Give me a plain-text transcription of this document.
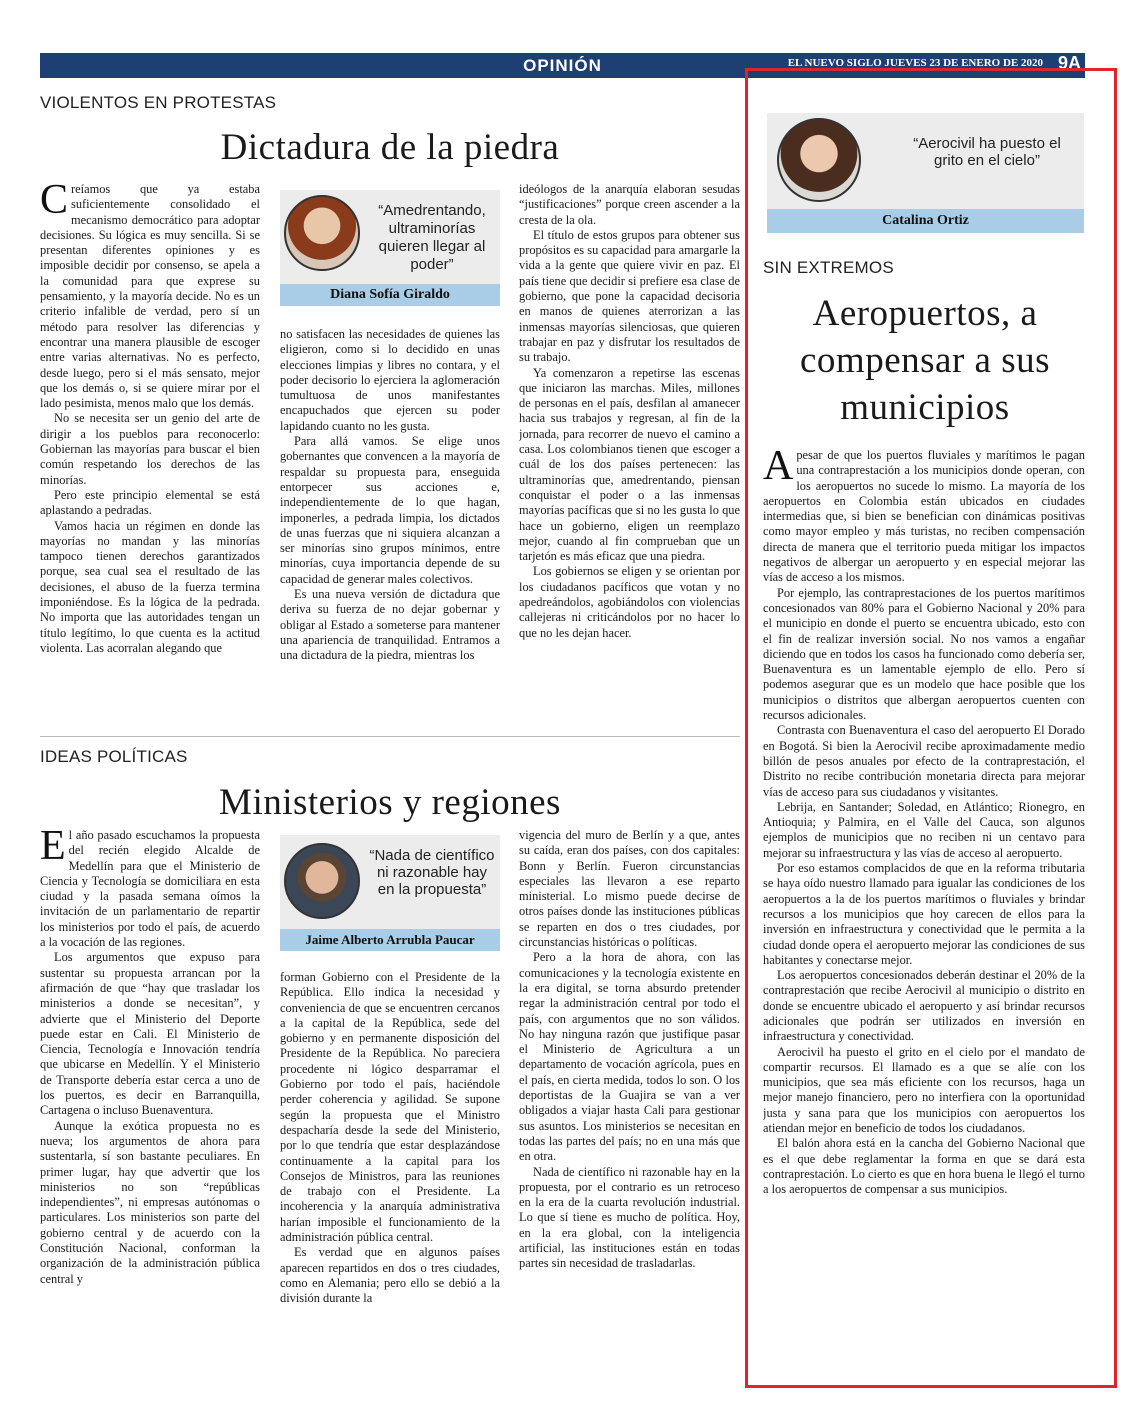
OPINIÓN	EL NUEVO SIGLO JUEVES 23 DE ENERO DE 2020 9A
VIOLENTOS EN PROTESTAS
Dictadura de la piedra

Creíamos que ya estaba suficientemente consolidado el mecanismo democrático para adoptar decisiones. Su lógica es muy sencilla. Si se presentan diferentes opiniones y es imposible decidir por consenso, se apela a la comunidad para que exprese su pensamiento, y la mayoría decide. No es un criterio infalible de verdad, pero sí un método para resolver las diferencias y encontrar una manera plausible de escoger entre varias alternativas. No es perfecto, desde luego, pero si el más sensato, mejor que los demás o, si se quiere mirar por el lado pesimista, menos malo que los demás.

No se necesita ser un genio del arte de dirigir a los pueblos para reconocerlo: Gobiernan las mayorías para buscar el bien común respetando los derechos de las minorías.

Pero este principio elemental se está aplastando a pedradas.

Vamos hacia un régimen en donde las mayorías no mandan y las minorías tampoco tienen derechos garantizados porque, sea cual sea el resultado de las decisiones, el abuso de la fuerza termina imponiéndose. Es la lógica de la pedrada. No importa que las autoridades tengan un título legítimo, lo que cuenta es la actitud violenta. Las acorralan alegando que

“Amedrentando, ultraminorías quieren llegar al poder”
Diana Sofía Giraldo

no satisfacen las necesidades de quienes las eligieron, como si lo decidido en unas elecciones limpias y libres no contara, y el poder decisorio lo ejerciera la aglomeración tumultuosa de unos manifestantes encapuchados que ejercen su poder lapidando cuanto no les gusta.

Para allá vamos. Se elige unos gobernantes que convencen a la mayoría de respaldar su propuesta para, enseguida entorpecer sus acciones e, independientemente de lo que hagan, imponerles, a pedrada limpia, los dictados de unas fuerzas que ni siquiera alcanzan a ser minorías sino grupos mínimos, entre minorías, cuya importancia depende de su capacidad de generar males colectivos.

Es una nueva versión de dictadura que deriva su fuerza de no dejar gobernar y obligar al Estado a someterse para mantener una apariencia de tranquilidad. Entramos a una dictadura de la piedra, mientras los

ideólogos de la anarquía elaboran sesudas “justificaciones” porque creen ascender a la cresta de la ola.

El título de estos grupos para obtener sus propósitos es su capacidad para amargarle la vida a la gente que quiere vivir en paz. El país tiene que decidir si prefiere esa clase de gobierno, que pone la capacidad decisoria en manos de quienes aterrorizan a las inmensas mayorías silenciosas, que quieren trabajar en paz y disfrutar los resultados de su trabajo.

Ya comenzaron a repetirse las escenas que iniciaron las marchas. Miles, millones de personas en el país, desfilan al amanecer hacia sus trabajos y regresan, al fin de la jornada, para recorrer de nuevo el camino a casa. Los colombianos tienen que escoger a cuál de los dos países pertenecen: las ultraminorías que, amedrentando, piensan conquistar el poder o a las inmensas mayorías pacíficas que si no les gusta lo que hace un gobierno, eligen un reemplazo mejor, cuando al fin comprueban que un tarjetón es más eficaz que una piedra.

Los gobiernos se eligen y se orientan por los ciudadanos pacíficos que votan y no apedreándolos, agobiándolos con violencias callejeras ni criticándolos por no hacer lo que no les dejan hacer.

IDEAS POLÍTICAS
Ministerios y regiones

El año pasado escuchamos la propuesta del recién elegido Alcalde de Medellín para que el Ministerio de Ciencia y Tecnología se domiciliara en esta ciudad y la pasada semana oímos la invitación de un parlamentario de repartir los ministerios por todo el país, de acuerdo a la vocación de las regiones.

Los argumentos que expuso para sustentar su propuesta arrancan por la afirmación de que “hay que trasladar los ministerios a donde se necesitan”, y advierte que el Ministerio del Deporte puede estar en Cali. El Ministerio de Ciencia, Tecnología e Innovación tendría que ubicarse en Medellín. Y el Ministerio de Transporte debería estar cerca a uno de los puertos, es decir en Barranquilla, Cartagena o incluso Buenaventura.

Aunque la exótica propuesta no es nueva; los argumentos de ahora para sustentarla, sí son bastante peculiares. En primer lugar, hay que advertir que los ministerios no son “repúblicas independientes”, ni empresas autónomas o particulares. Los ministerios son parte del gobierno central y de acuerdo con la Constitución Nacional, conforman la organización de la administración pública central y

“Nada de científico ni razonable hay en la propuesta”
Jaime Alberto Arrubla Paucar

forman Gobierno con el Presidente de la República. Ello indica la necesidad y conveniencia de que se encuentren cercanos a la capital de la República, sede del gobierno y en permanente disposición del Presidente de la República. No pareciera procedente ni lógico desparramar el Gobierno por todo el país, haciéndole perder coherencia y agilidad. Se supone según la propuesta que el Ministro despacharía desde la sede del Ministerio, por lo que tendría que estar desplazándose continuamente a la capital para los Consejos de Ministros, para las reuniones de trabajo con el Presidente. La incoherencia y la anarquía administrativa harían imposible el funcionamiento de la administración pública central.

Es verdad que en algunos países aparecen repartidos en dos o tres ciudades, como en Alemania; pero ello se debió a la división durante la

vigencia del muro de Berlín y a que, antes su caída, eran dos países, con dos capitales: Bonn y Berlín. Fueron circunstancias especiales las llevaron a ese reparto ministerial. Lo mismo puede decirse de otros países donde las instituciones públicas se reparten en dos o tres ciudades, por circunstancias históricas o políticas.

Pero a la hora de ahora, con las comunicaciones y la tecnología existente en la era digital, se torna absurdo pretender regar la administración central por todo el país, con argumentos que no son válidos. No hay ninguna razón que justifique pasar el Ministerio de Agricultura a un departamento de vocación agrícola, pues en el país, en cierta medida, todos lo son. O los deportistas de la Guajira se van a ver obligados a viajar hasta Cali para gestionar sus asuntos. Los ministerios se necesitan en todas las partes del país; no en una más que en otra.

Nada de científico ni razonable hay en la propuesta, por el contrario es un retroceso en la era de la cuarta revolución industrial. Lo que sí tiene es mucho de política. Hoy, en la era global, con la inteligencia artificial, las instituciones están en todas partes sin necesidad de trasladarlas.

“Aerocivil ha puesto el grito en el cielo”
Catalina Ortiz
SIN EXTREMOS
Aeropuertos, a compensar a sus municipios

A pesar de que los puertos fluviales y marítimos le pagan una contraprestación a los municipios donde operan, con los aeropuertos no sucede lo mismo. La mayoría de los aeropuertos en Colombia están ubicados en ciudades intermedias que, si bien se benefician con dinámicas positivas como mayor empleo y más turistas, no reciben compensación directa de manera que el territorio pueda mitigar los impactos negativos de albergar un aeropuerto y en especial mejorar las vías de acceso a los mismos.

Por ejemplo, las contraprestaciones de los puertos marítimos concesionados van 80% para el Gobierno Nacional y 20% para el municipio en donde el puerto se encuentra ubicado, esto con el fin de realizar inversión social. No nos vamos a engañar diciendo que en todos los casos ha funcionado como debería ser, Buenaventura es un lamentable ejemplo de ello. Pero sí podemos asegurar que es un modelo que hace posible que los municipios o distritos que albergan aeropuertos cuenten con recursos adicionales.

Contrasta con Buenaventura el caso del aeropuerto El Dorado en Bogotá. Si bien la Aerocivil recibe aproximadamente medio billón de pesos anuales por efecto de la contraprestación, el Distrito no recibe contribución monetaria directa para mejorar vías de acceso para sus ciudadanos y visitantes.

Lebrija, en Santander; Soledad, en Atlántico; Rionegro, en Antioquia; y Palmira, en el Valle del Cauca, son algunos ejemplos de municipios que no reciben ni un centavo para mejorar su infraestructura y las vías de acceso al aeropuerto.

Por eso estamos complacidos de que en la reforma tributaria se haya oído nuestro llamado para igualar las condiciones de los aeropuertos a la de los puertos marítimos o fluviales y brindar recursos a los municipios que hoy carecen de ellos para la inversión en infraestructura y conectividad que le permita a la ciudad donde opera el aeropuerto mejorar las condiciones de sus habitantes y conectarse mejor.

Los aeropuertos concesionados deberán destinar el 20% de la contraprestación que recibe Aerocivil al municipio o distrito en donde se encuentre ubicado el aeropuerto y así brindar recursos adicionales que podrán ser utilizados en inversión en infraestructura y conectividad.

Aerocivil ha puesto el grito en el cielo por el mandato de compartir recursos. El llamado es a que se alíe con los municipios, que sea más eficiente con los recursos, haga un mejor manejo financiero, pero no interfiera con la oportunidad justa y sana para que los municipios con aeropuertos los atiendan mejor en beneficio de todos los ciudadanos.

El balón ahora está en la cancha del Gobierno Nacional que es el que debe reglamentar la forma en que se dará esta contraprestación. Lo cierto es que en hora buena le llegó el turno a los aeropuertos de compensar a sus municipios.
